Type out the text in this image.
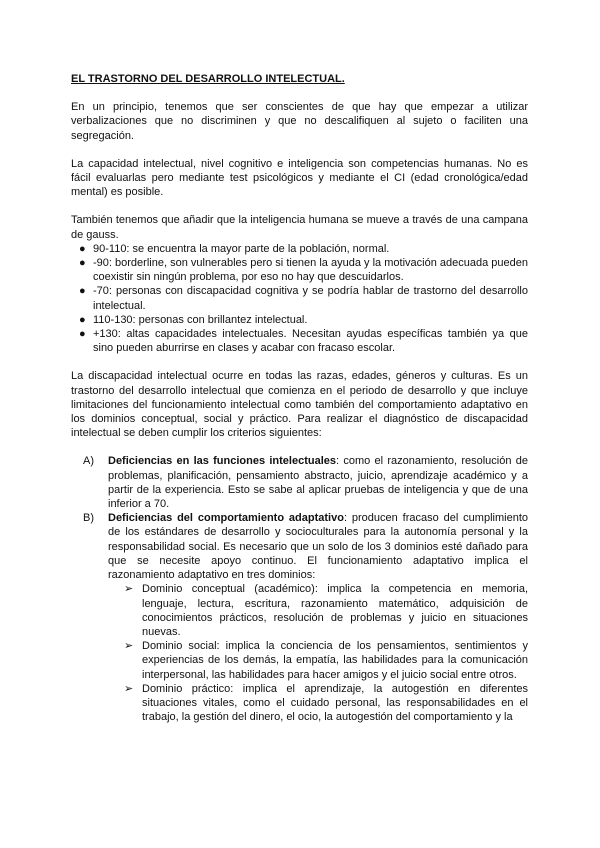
EL TRASTORNO DEL DESARROLLO INTELECTUAL.

En un principio, tenemos que ser conscientes de que hay que empezar a utilizar verbalizaciones que no discriminen y que no descalifiquen al sujeto o faciliten una segregación.

La capacidad intelectual, nivel cognitivo e inteligencia son competencias humanas. No es fácil evaluarlas pero mediante test psicológicos y mediante el CI (edad cronológica/edad mental) es posible.

También tenemos que añadir que la inteligencia humana se mueve a través de una campana de gauss.

● 90-110: se encuentra la mayor parte de la población, normal.
● -90: borderline, son vulnerables pero si tienen la ayuda y la motivación adecuada pueden coexistir sin ningún problema, por eso no hay que descuidarlos.
● -70: personas con discapacidad cognitiva y se podría hablar de trastorno del desarrollo intelectual.
● 110-130: personas con brillantez intelectual.
● +130: altas capacidades intelectuales. Necesitan ayudas específicas también ya que sino pueden aburrirse en clases y acabar con fracaso escolar.

La discapacidad intelectual ocurre en todas las razas, edades, géneros y culturas. Es un trastorno del desarrollo intelectual que comienza en el periodo de desarrollo y que incluye limitaciones del funcionamiento intelectual como también del comportamiento adaptativo en los dominios conceptual, social y práctico. Para realizar el diagnóstico de discapacidad intelectual se deben cumplir los criterios siguientes:

A) Deficiencias en las funciones intelectuales: como el razonamiento, resolución de problemas, planificación, pensamiento abstracto, juicio, aprendizaje académico y a partir de la experiencia. Esto se sabe al aplicar pruebas de inteligencia y que de una inferior a 70.
B) Deficiencias del comportamiento adaptativo: producen fracaso del cumplimiento de los estándares de desarrollo y socioculturales para la autonomía personal y la responsabilidad social. Es necesario que un solo de los 3 dominios esté dañado para que se necesite apoyo continuo. El funcionamiento adaptativo implica el razonamiento adaptativo en tres dominios:
➢ Dominio conceptual (académico): implica la competencia en memoria, lenguaje, lectura, escritura, razonamiento matemático, adquisición de conocimientos prácticos, resolución de problemas y juicio en situaciones nuevas.
➢ Dominio social: implica la conciencia de los pensamientos, sentimientos y experiencias de los demás, la empatía, las habilidades para la comunicación interpersonal, las habilidades para hacer amigos y el juicio social entre otros.
➢ Dominio práctico: implica el aprendizaje, la autogestión en diferentes situaciones vitales, como el cuidado personal, las responsabilidades en el trabajo, la gestión del dinero, el ocio, la autogestión del comportamiento y la
